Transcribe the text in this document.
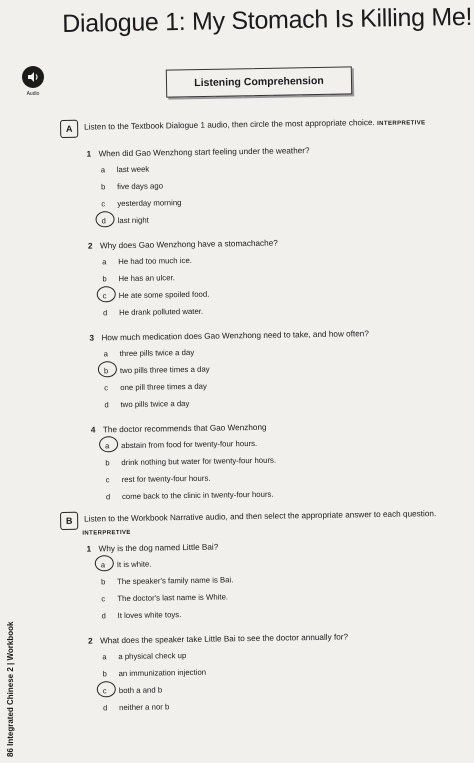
Dialogue 1: My Stomach Is Killing Me!
Audio
Listening Comprehension
A	Listen to the Textbook Dialogue 1 audio, then circle the most appropriate choice. INTERPRETIVE
1 When did Gao Wenzhong start feeling under the weather?
a	last week
b	five days ago
c	yesterday morning
d	last night
2 Why does Gao Wenzhong have a stomachache?
a	He had too much ice.
b	He has an ulcer.
c	He ate some spoiled food.
d	He drank polluted water.
3 How much medication does Gao Wenzhong need to take, and how often?
a	three pills twice a day
b	two pills three times a day
c	one pill three times a day
d	two pills twice a day
4 The doctor recommends that Gao Wenzhong
a	abstain from food for twenty-four hours.
b	drink nothing but water for twenty-four hours.
c	rest for twenty-four hours.
d	come back to the clinic in twenty-four hours.
B	Listen to the Workbook Narrative audio, and then select the appropriate answer to each question.
INTERPRETIVE
1 Why is the dog named Little Bai?
a	It is white.
b	The speaker's family name is Bai.
c	The doctor's last name is White.
d	It loves white toys.
2 What does the speaker take Little Bai to see the doctor annually for?
a	a physical check up
b	an immunization injection
c	both a and b
d	neither a nor b
86 Integrated Chinese 2 | Workbook
